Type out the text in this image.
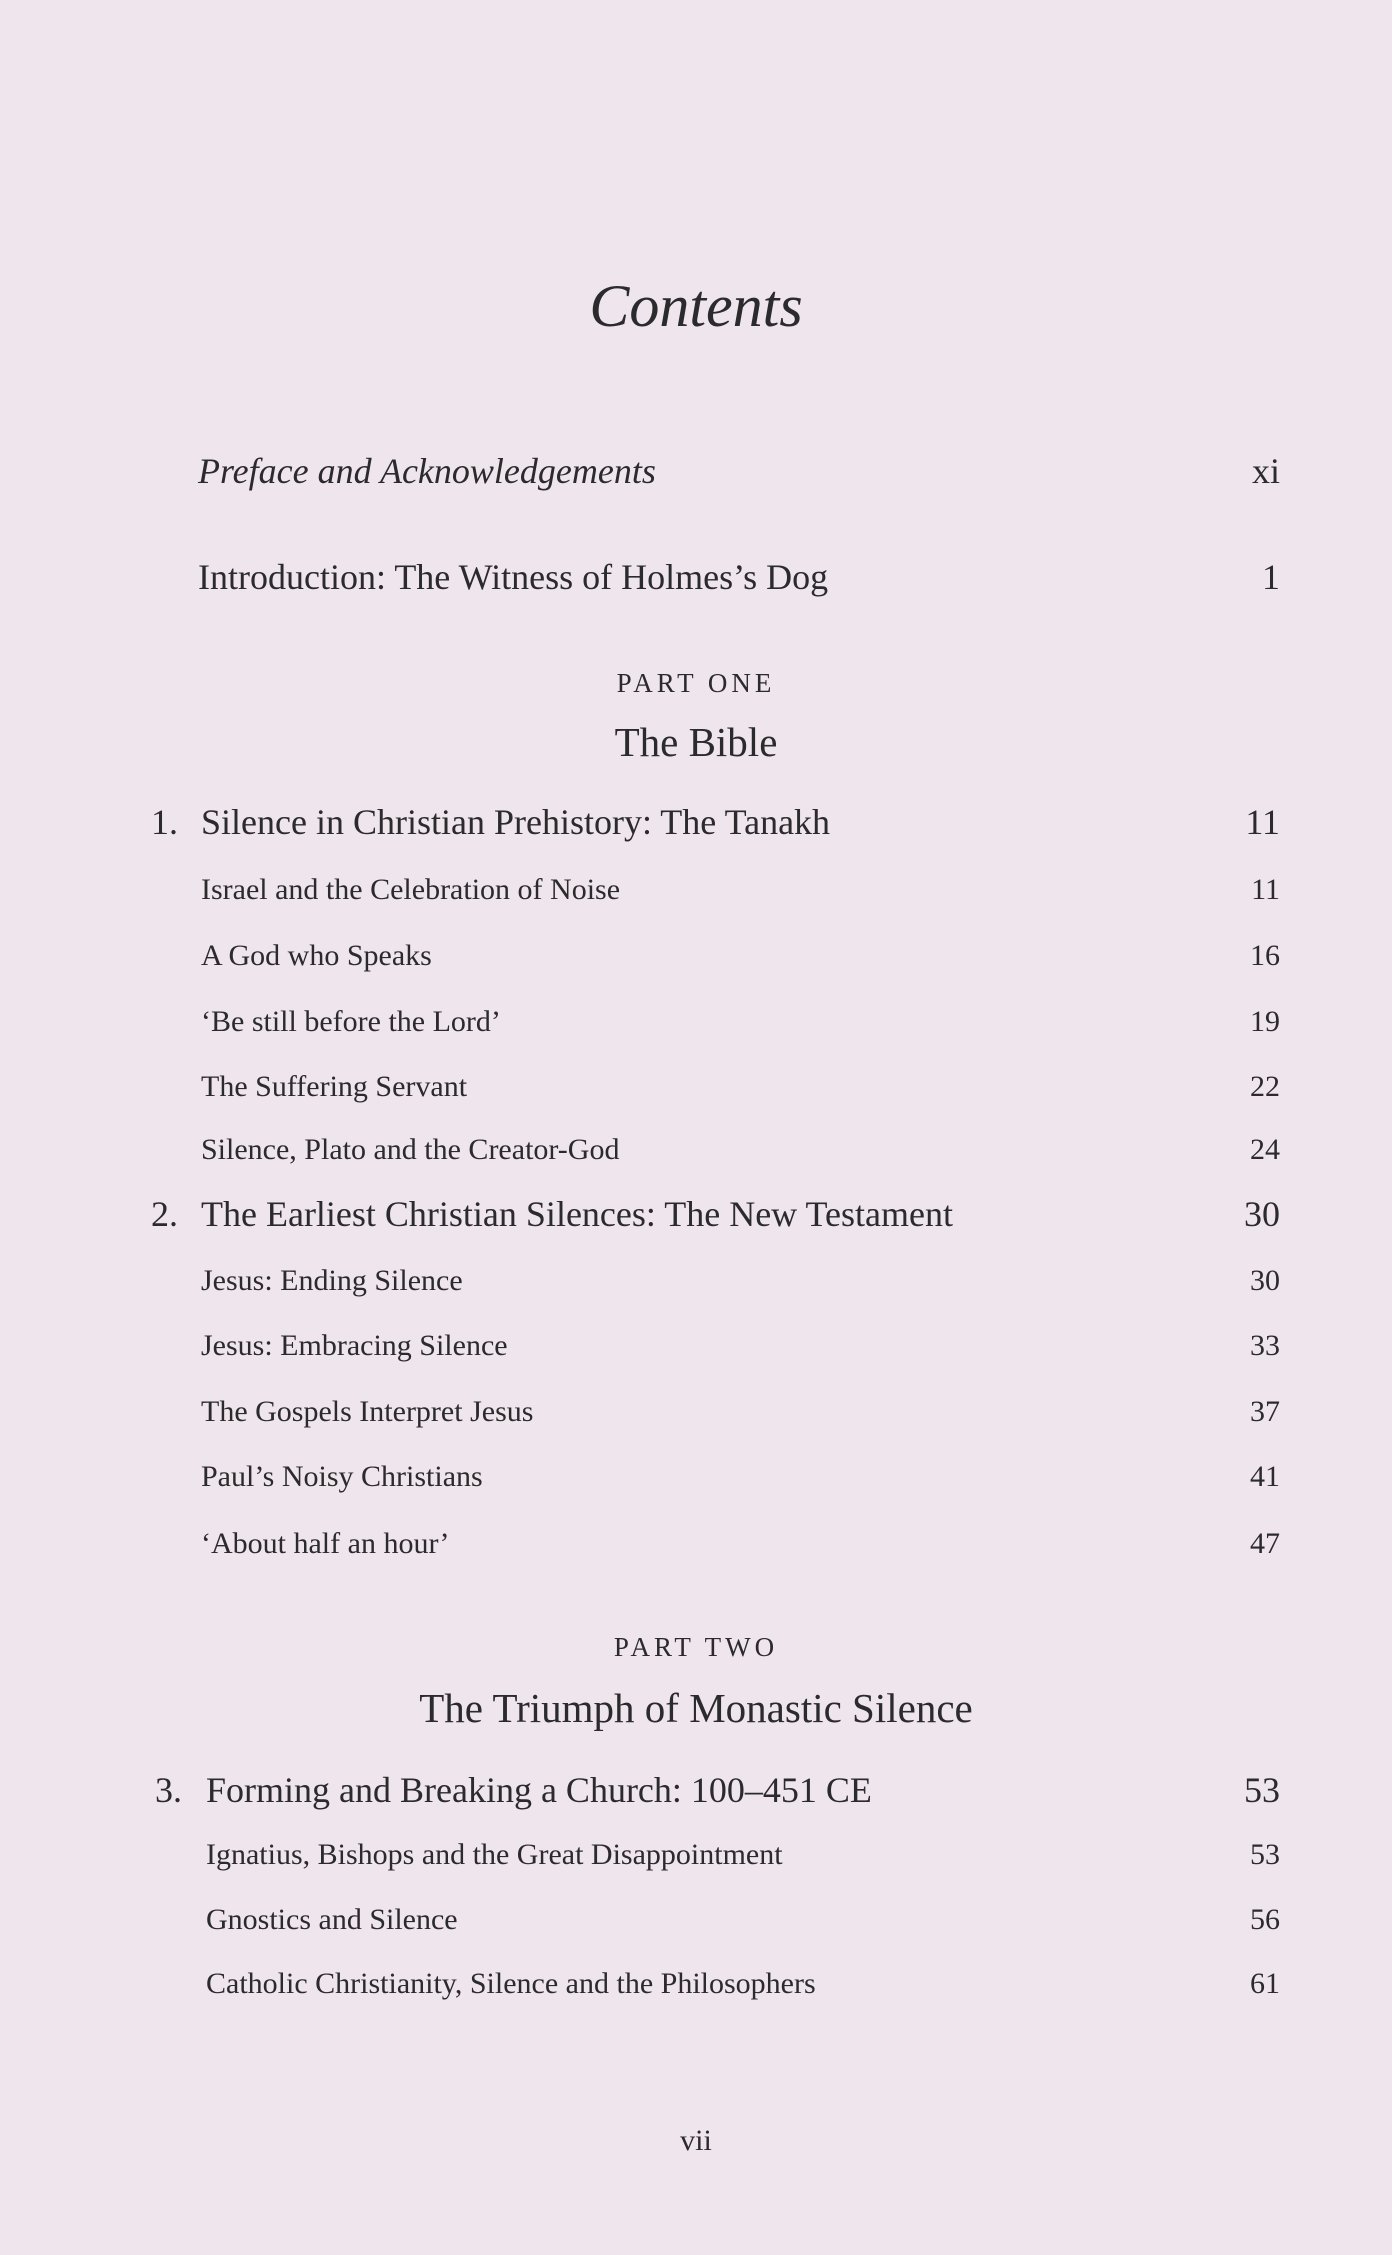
Contents
Preface and Acknowledgements	xi
Introduction: The Witness of Holmes’s Dog	1
PART ONE
The Bible
1. Silence in Christian Prehistory: The Tanakh	11
Israel and the Celebration of Noise	11
A God who Speaks	16
‘Be still before the Lord’	19
The Suffering Servant	22
Silence, Plato and the Creator-God	24
2. The Earliest Christian Silences: The New Testament	30
Jesus: Ending Silence	30
Jesus: Embracing Silence	33
The Gospels Interpret Jesus	37
Paul’s Noisy Christians	41
‘About half an hour’	47
PART TWO
The Triumph of Monastic Silence
3. Forming and Breaking a Church: 100–451 CE	53
Ignatius, Bishops and the Great Disappointment	53
Gnostics and Silence	56
Catholic Christianity, Silence and the Philosophers	61
vii
